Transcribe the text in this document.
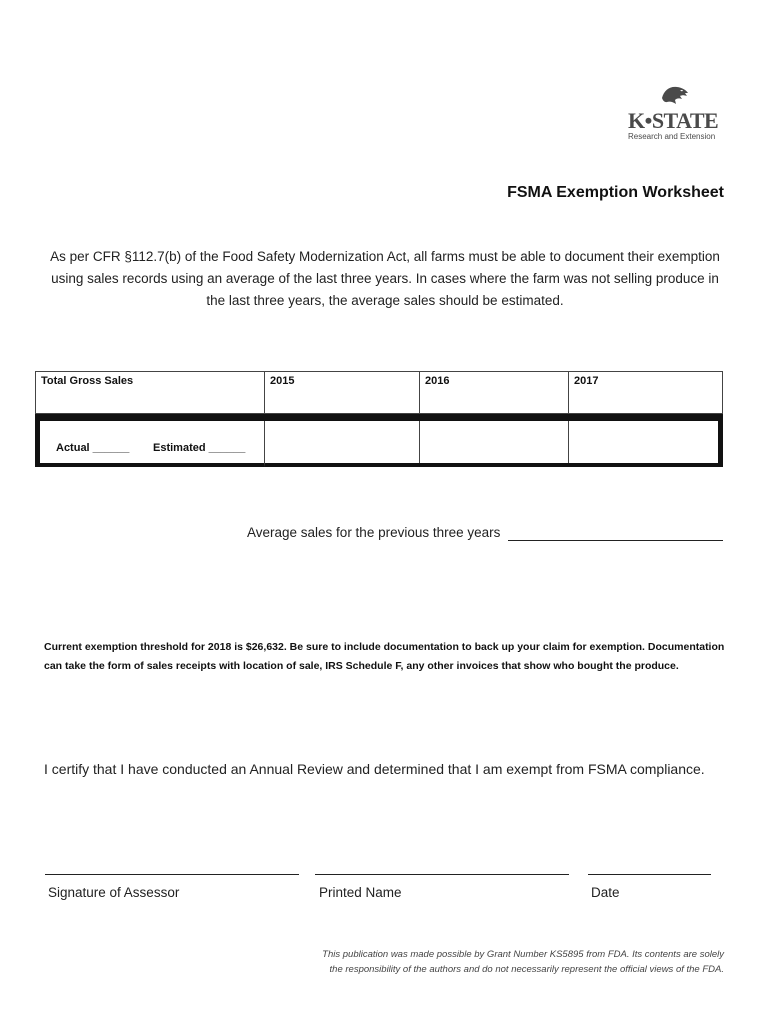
K•STATE
Research and Extension
FSMA Exemption Worksheet
As per CFR §112.7(b) of the Food Safety Modernization Act, all farms must be able to document their exemption using sales records using an average of the last three years. In cases where the farm was not selling produce in the last three years, the average sales should be estimated.
Total Gross Sales	2015	2016	2017
Actual ______ Estimated ______
Average sales for the previous three years
Current exemption threshold for 2018 is $26,632. Be sure to include documentation to back up your claim for exemption. Documentation can take the form of sales receipts with location of sale, IRS Schedule F, any other invoices that show who bought the produce.
I certify that I have conducted an Annual Review and determined that I am exempt from FSMA compliance.
Signature of Assessor	Printed Name	Date
This publication was made possible by Grant Number KS5895 from FDA. Its contents are solely
the responsibility of the authors and do not necessarily represent the official views of the FDA.
